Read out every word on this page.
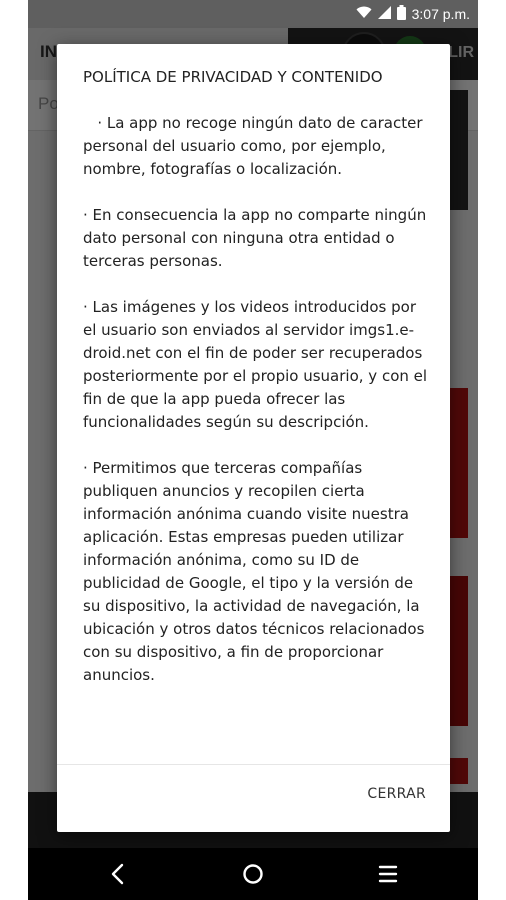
3:07 p.m.

POLÍTICA DE PRIVACIDAD Y CONTENIDO

· La app no recoge ningún dato de caracter personal del usuario como, por ejemplo, nombre, fotografías o localización.

· En consecuencia la app no comparte ningún dato personal con ninguna otra entidad o terceras personas.

· Las imágenes y los videos introducidos por el usuario son enviados al servidor imgs1.e-droid.net con el fin de poder ser recuperados posteriormente por el propio usuario, y con el fin de que la app pueda ofrecer las funcionalidades según su descripción.

· Permitimos que terceras compañías publiquen anuncios y recopilen cierta información anónima cuando visite nuestra aplicación. Estas empresas pueden utilizar información anónima, como su ID de publicidad de Google, el tipo y la versión de su dispositivo, la actividad de navegación, la ubicación y otros datos técnicos relacionados con su dispositivo, a fin de proporcionar anuncios.

CERRAR
